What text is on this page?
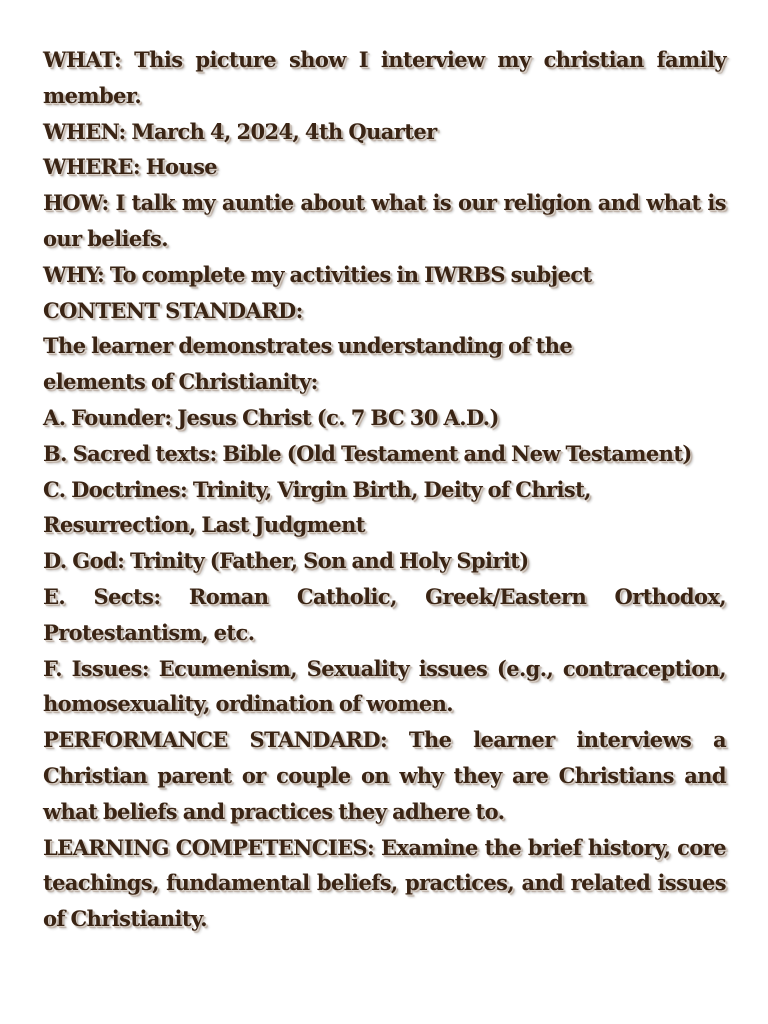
WHAT: This picture show I interview my christian family member.

WHEN: March 4, 2024, 4th Quarter

WHERE: House

HOW: I talk my auntie about what is our religion and what is our beliefs.

WHY: To complete my activities in IWRBS subject

CONTENT STANDARD:

The learner demonstrates understanding of the

elements of Christianity:

A. Founder: Jesus Christ (c. 7 BC 30 A.D.)

B. Sacred texts: Bible (Old Testament and New Testament)

C. Doctrines: Trinity, Virgin Birth, Deity of Christ,

Resurrection, Last Judgment

D. God: Trinity (Father, Son and Holy Spirit)

E. Sects: Roman Catholic, Greek/Eastern Orthodox, Protestantism, etc.

F. Issues: Ecumenism, Sexuality issues (e.g., contraception, homosexuality, ordination of women.

PERFORMANCE STANDARD: The learner interviews a Christian parent or couple on why they are Christians and what beliefs and practices they adhere to.

LEARNING COMPETENCIES: Examine the brief history, core teachings, fundamental beliefs, practices, and related issues of Christianity.
